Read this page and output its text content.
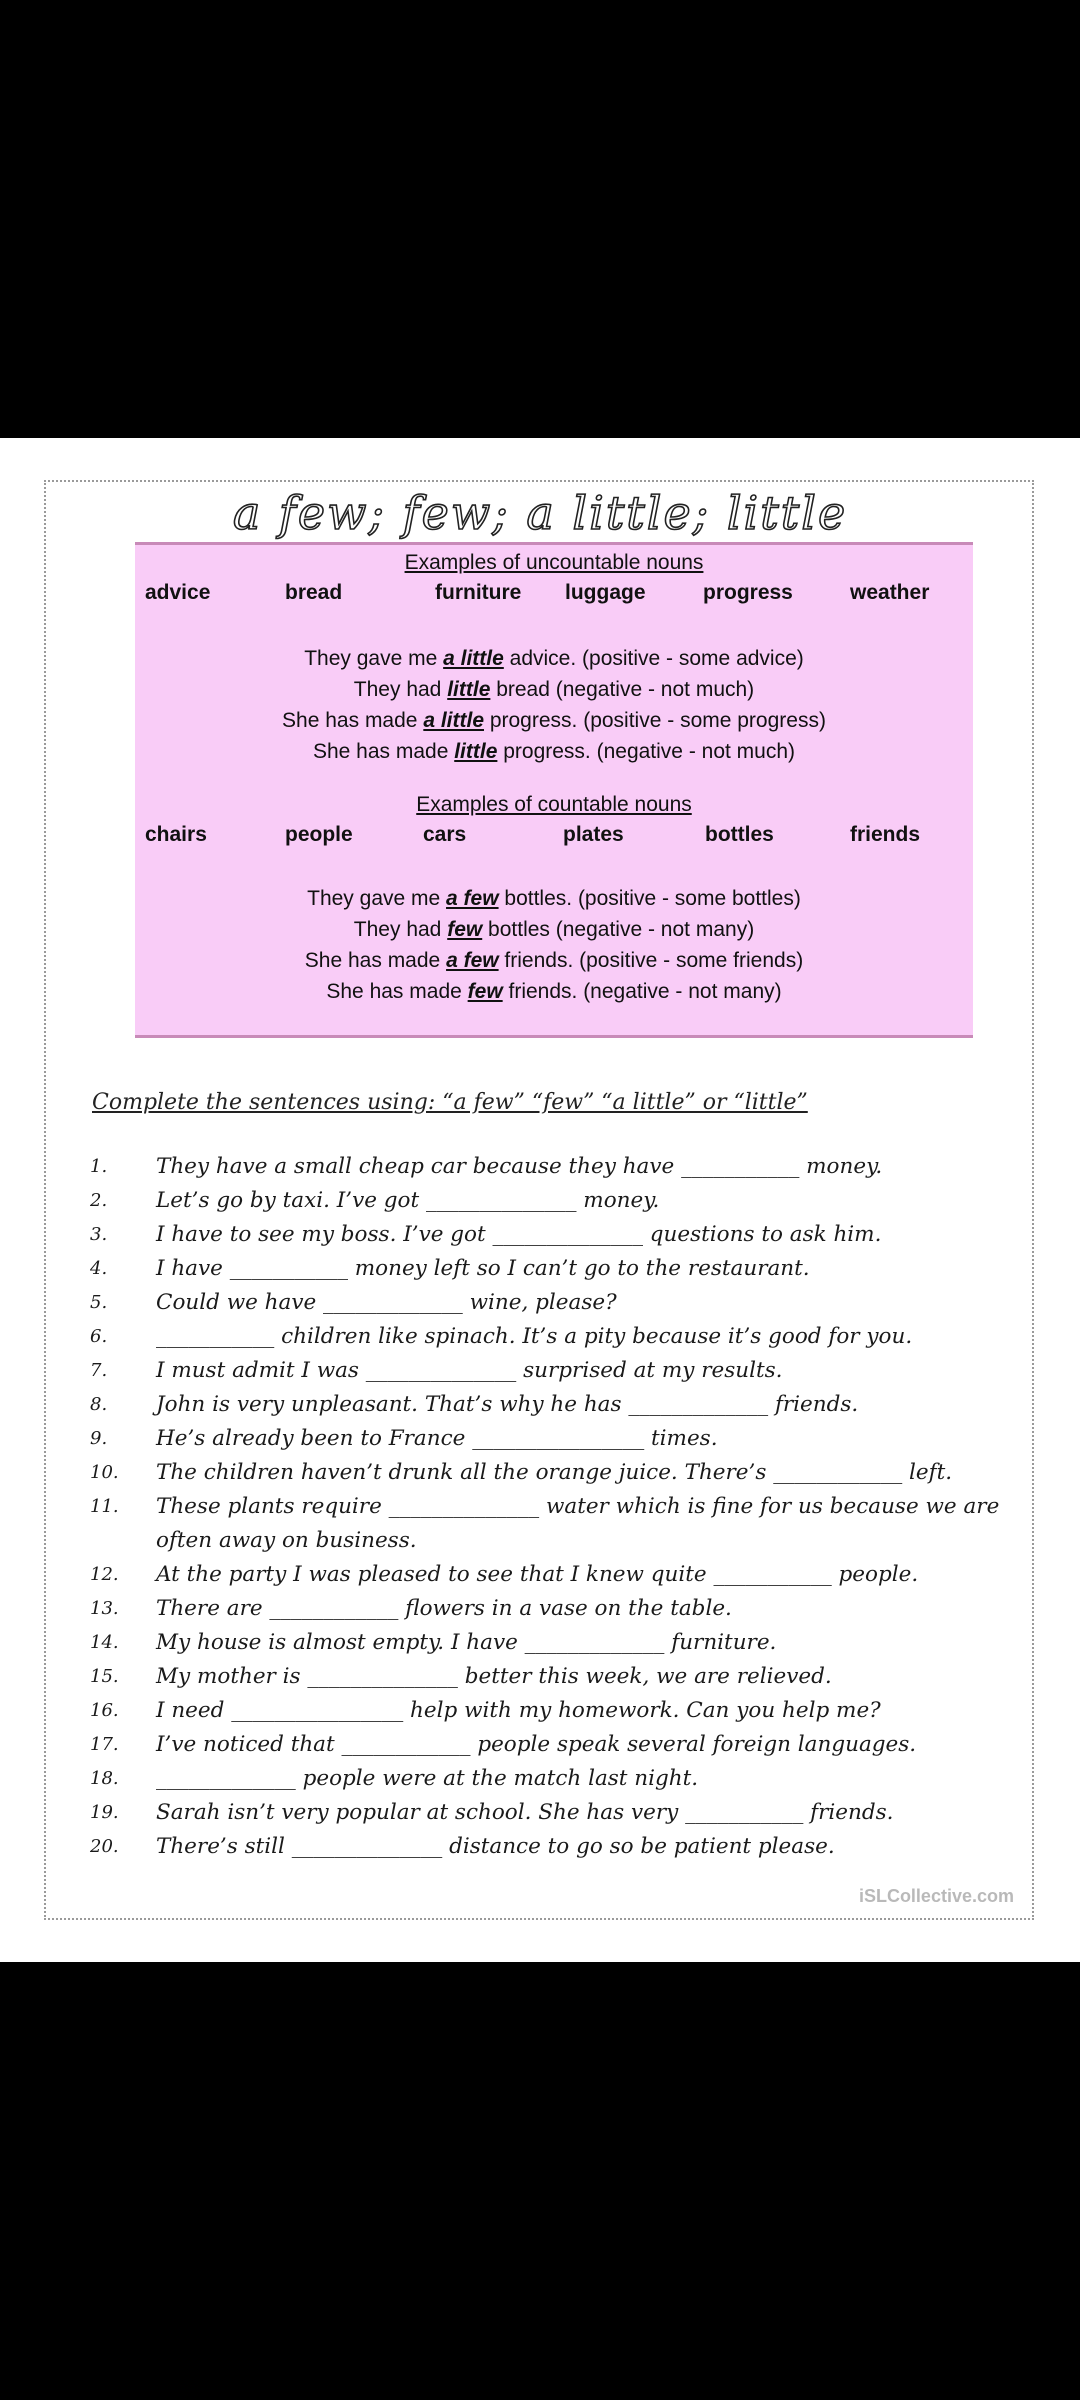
a few; few; a little; little
Examples of uncountable nouns
advice	bread	furniture luggage	progress	weather
They gave me a little advice. (positive - some advice)
They had little bread (negative - not much)
She has made a little progress. (positive - some progress)
She has made little progress. (negative - not much)
Examples of countable nouns
chairs	people	cars	plates	bottles	friends
They gave me a few bottles. (positive - some bottles)
They had few bottles (negative - not many)
She has made a few friends. (positive - some friends)
She has made few friends. (negative - not many)
Complete the sentences using: “a few” “few” “a little” or “little”
1.	They have a small cheap car because they have ___________ money.
2.	Let’s go by taxi. I’ve got ______________ money.
3.	I have to see my boss. I’ve got ______________ questions to ask him.
4.	I have ___________ money left so I can’t go to the restaurant.
5.	Could we have _____________ wine, please?
6.	___________ children like spinach. It’s a pity because it’s good for you.
7.	I must admit I was ______________ surprised at my results.
8.	John is very unpleasant. That’s why he has _____________ friends.
9.	He’s already been to France ________________ times.
10.	The children haven’t drunk all the orange juice. There’s ____________ left.
11.	These plants require ______________ water which is fine for us because we are often away on business.
12.	At the party I was pleased to see that I knew quite ___________ people.
13.	There are ____________ flowers in a vase on the table.
14.	My house is almost empty. I have _____________ furniture.
15.	My mother is ______________ better this week, we are relieved.
16.	I need ________________ help with my homework. Can you help me?
17.	I’ve noticed that ____________ people speak several foreign languages.
18.	_____________ people were at the match last night.
19.	Sarah isn’t very popular at school. She has very ___________ friends.
20.	There’s still ______________ distance to go so be patient please.
iSLCollective.com
